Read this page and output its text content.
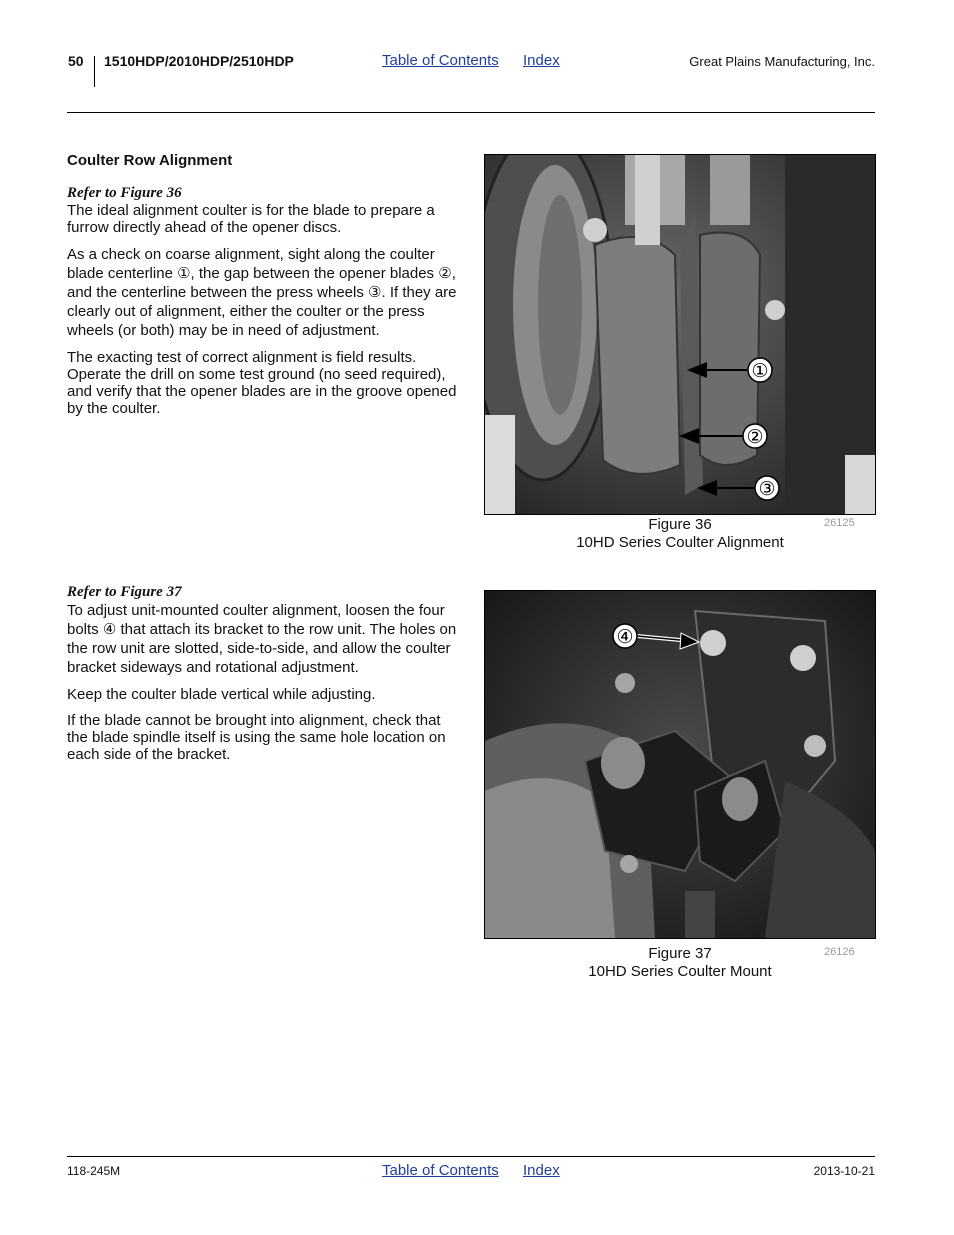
50 1510HDP/2010HDP/2510HDP	Table of Contents Index	Great Plains Manufacturing, Inc.
Coulter Row Alignment
Refer to Figure 36

The ideal alignment coulter is for the blade to prepare a furrow directly ahead of the opener discs.

As a check on coarse alignment, sight along the coulter blade centerline ①, the gap between the opener blades ②, and the centerline between the press wheels ③. If they are clearly out of alignment, either the coulter or the press wheels (or both) may be in need of adjustment.

The exacting test of correct alignment is field results. Operate the drill on some test ground (no seed required), and verify that the opener blades are in the groove opened by the coulter.

①
②
③
Figure 36
10HD Series Coulter Alignment
26125
Refer to Figure 37

To adjust unit-mounted coulter alignment, loosen the four bolts ④ that attach its bracket to the row unit. The holes on the row unit are slotted, side-to-side, and allow the coulter bracket sideways and rotational adjustment.

Keep the coulter blade vertical while adjusting.

If the blade cannot be brought into alignment, check that the blade spindle itself is using the same hole location on each side of the bracket.

④
Figure 37
10HD Series Coulter Mount
26126
118-245M	Table of Contents Index	2013-10-21
